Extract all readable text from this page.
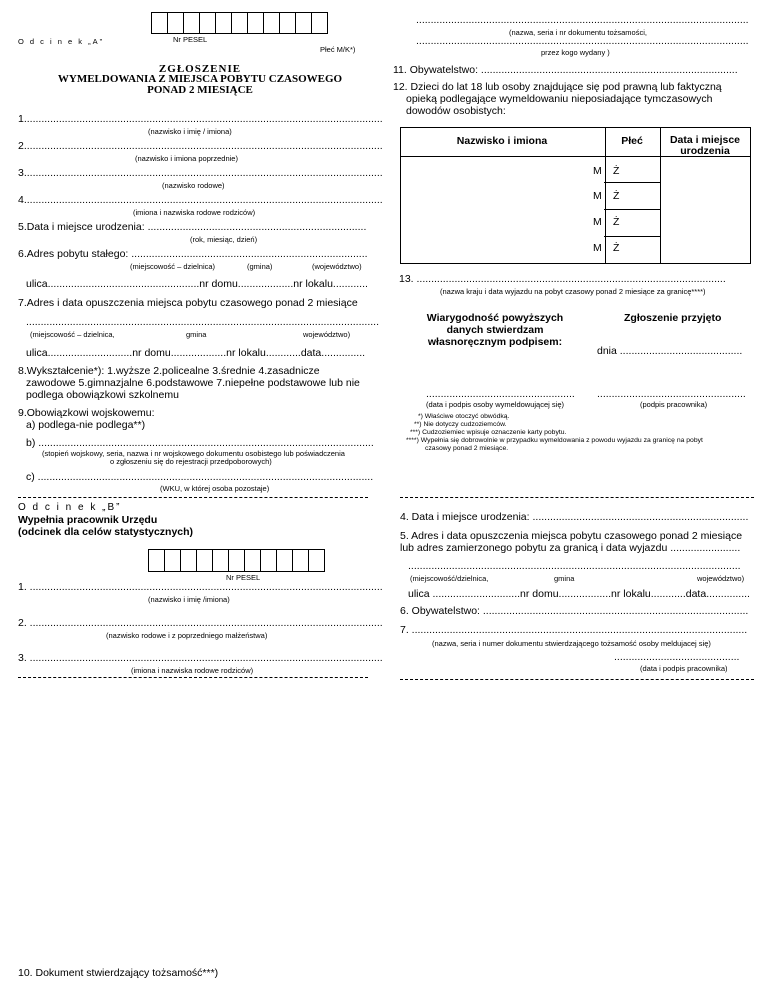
O d c i n e k „A”	Nr PESEL
Płeć M/K*)
ZGŁOSZENIE
WYMELDOWANIA Z MIEJSCA POBYTU CZASOWEGO
PONAD 2 MIESIĄCE
1...........................................................................................................................
(nazwisko i imię / imiona)
2...........................................................................................................................
(nazwisko i imiona poprzednie)
3...........................................................................................................................
(nazwisko rodowe)
4...........................................................................................................................
(imiona i nazwiska rodowe rodziców)
5.Data i miejsce urodzenia: ...........................................................................
(rok, miesiąc, dzień)
6.Adres pobytu stałego: .................................................................................
(miejscowość – dzielnica)	(gmina)	(województwo)
ulica....................................................nr domu...................nr lokalu............
7.Adres i data opuszczenia miejsca pobytu czasowego ponad 2 miesiące
.........................................................................................................................
(miejscowość – dzielnica,	gmina	województwo)
ulica.............................nr domu...................nr lokalu............data...............
8.Wykształcenie*): 1.wyższe 2.policealne 3.średnie 4.zasadnicze
zawodowe 5.gimnazjalne 6.podstawowe 7.niepełne podstawowe lub nie
podlega obowiązkowi szkolnemu
9.Obowiązkowi wojskowemu:
a) podlega-nie podlega**)
b) ...................................................................................................................
(stopień wojskowy, seria, nazwa i nr wojskowego dokumentu osobistego lub poświadczenia
o zgłoszeniu się do rejestracji przedpoborowych)
c) ...................................................................................................................
(WKU, w której osoba pozostaje)
O d c i n e k „B”
Wypełnia pracownik Urzędu
(odcinek dla celów statystycznych)
Nr PESEL
1. .........................................................................................................................
(nazwisko i imię /imiona)
2. .........................................................................................................................
(nazwisko rodowe i z poprzedniego małżeństwa)
3. .........................................................................................................................
(imiona i nazwiska rodowe rodziców)
10. Dokument stwierdzający tożsamość***)
..................................................................................................................
(nazwa, seria i nr dokumentu tożsamości,
..................................................................................................................
przez kogo wydany )
11. Obywatelstwo: ........................................................................................
12. Dzieci do lat 18 lub osoby znajdujące się pod prawną lub faktyczną
opieką podlegające wymeldowaniu nieposiadające tymczasowych
dowodów osobistych:
Nazwisko i imiona	Płeć	Data i miejsce
urodzenia
M Ż
M Ż
M Ż
M Ż
13. ..........................................................................................................
(nazwa kraju i data wyjazdu na pobyt czasowy ponad 2 miesiące za granicę****)
Wiarygodność powyższych
danych stwierdzam
własnoręcznym podpisem:
Zgłoszenie przyjęto
dnia ..........................................
................................................... ...................................................
(data i podpis osoby wymeldowującej się)	(podpis pracownika)
*) Właściwe otoczyć obwódką.
**) Nie dotyczy cudzoziemców.
***) Cudzoziemiec wpisuje oznaczenie karty pobytu.
****) Wypełnia się dobrowolnie w przypadku wymeldowania z powodu wyjazdu za granicę na pobyt
czasowy ponad 2 miesiące.
4. Data i miejsce urodzenia: ..........................................................................
5. Adres i data opuszczenia miejsca pobytu czasowego ponad 2 miesiące
lub adres zamierzonego pobytu za granicą i data wyjazdu ........................
..................................................................................................................
(miejscowość/dzielnica,	gmina	województwo)
ulica ..............................nr domu..................nr lokalu............data...............
6. Obywatelstwo: ...........................................................................................
7. ...................................................................................................................
(nazwa, seria i numer dokumentu stwierdzającego tożsamość osoby meldujacej się)
...........................................
(data i podpis pracownika)
